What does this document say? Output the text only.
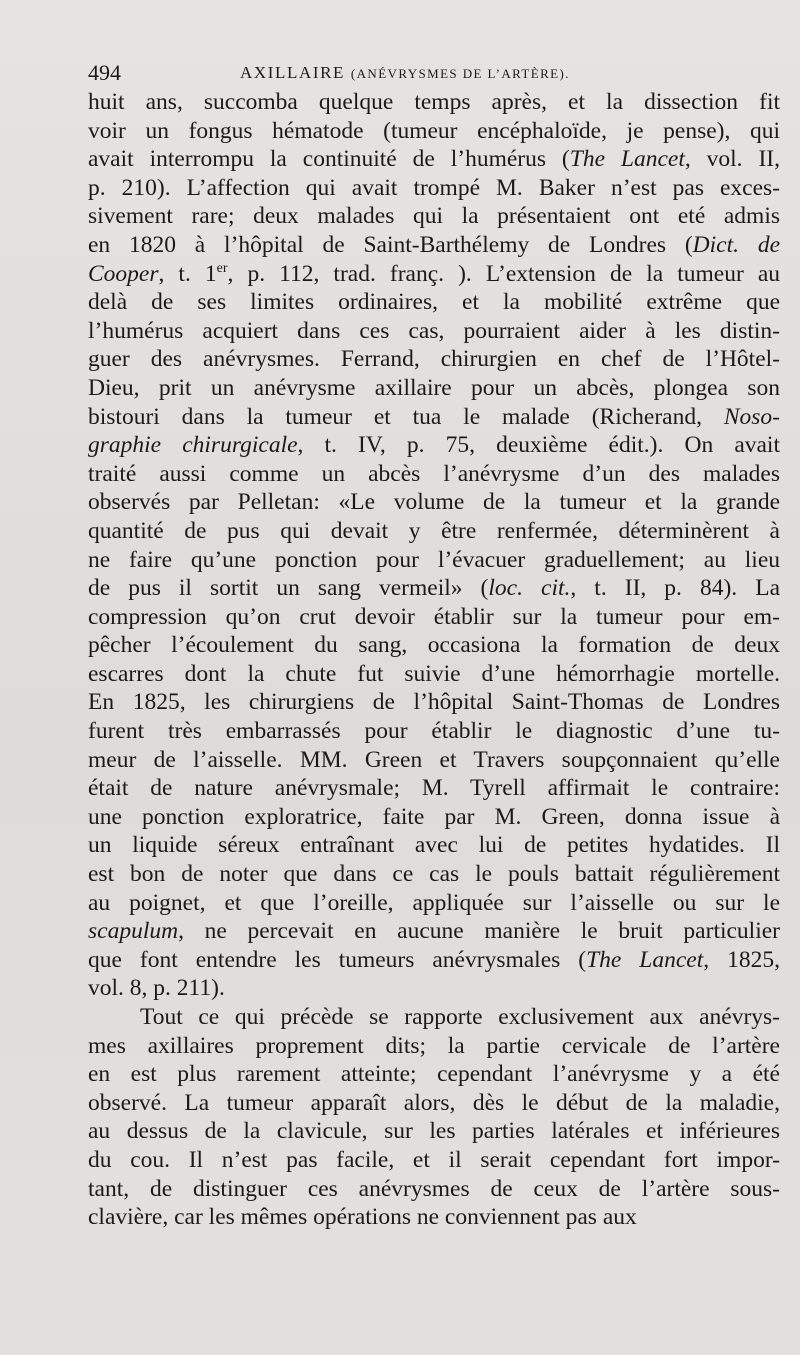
494	AXILLAIRE (ANÉVRYSMES DE L’ARTÈRE).
huit ans, succomba quelque temps après, et la dissection fit
voir un fongus hématode (tumeur encéphaloïde, je pense), qui
avait interrompu la continuité de l’humérus (The Lancet, vol. II,
p. 210). L’affection qui avait trompé M. Baker n’est pas exces-
sivement rare; deux malades qui la présentaient ont eté admis
en 1820 à l’hôpital de Saint-Barthélemy de Londres (Dict. de
Cooper, t. 1er, p. 112, trad. franç. ). L’extension de la tumeur au
delà de ses limites ordinaires, et la mobilité extrême que
l’humérus acquiert dans ces cas, pourraient aider à les distin-
guer des anévrysmes. Ferrand, chirurgien en chef de l’Hôtel-
Dieu, prit un anévrysme axillaire pour un abcès, plongea son
bistouri dans la tumeur et tua le malade (Richerand, Noso-
graphie chirurgicale, t. IV, p. 75, deuxième édit.). On avait
traité aussi comme un abcès l’anévrysme d’un des malades
observés par Pelletan: «Le volume de la tumeur et la grande
quantité de pus qui devait y être renfermée, déterminèrent à
ne faire qu’une ponction pour l’évacuer graduellement; au lieu
de pus il sortit un sang vermeil» (loc. cit., t. II, p. 84). La
compression qu’on crut devoir établir sur la tumeur pour em-
pêcher l’écoulement du sang, occasiona la formation de deux
escarres dont la chute fut suivie d’une hémorrhagie mortelle.
En 1825, les chirurgiens de l’hôpital Saint-Thomas de Londres
furent très embarrassés pour établir le diagnostic d’une tu-
meur de l’aisselle. MM. Green et Travers soupçonnaient qu’elle
était de nature anévrysmale; M. Tyrell affirmait le contraire:
une ponction exploratrice, faite par M. Green, donna issue à
un liquide séreux entraînant avec lui de petites hydatides. Il
est bon de noter que dans ce cas le pouls battait régulièrement
au poignet, et que l’oreille, appliquée sur l’aisselle ou sur le
scapulum, ne percevait en aucune manière le bruit particulier
que font entendre les tumeurs anévrysmales (The Lancet, 1825,
vol. 8, p. 211).
Tout ce qui précède se rapporte exclusivement aux anévrys-
mes axillaires proprement dits; la partie cervicale de l’artère
en est plus rarement atteinte; cependant l’anévrysme y a été
observé. La tumeur apparaît alors, dès le début de la maladie,
au dessus de la clavicule, sur les parties latérales et inférieures
du cou. Il n’est pas facile, et il serait cependant fort impor-
tant, de distinguer ces anévrysmes de ceux de l’artère sous-
clavière, car les mêmes opérations ne conviennent pas aux
